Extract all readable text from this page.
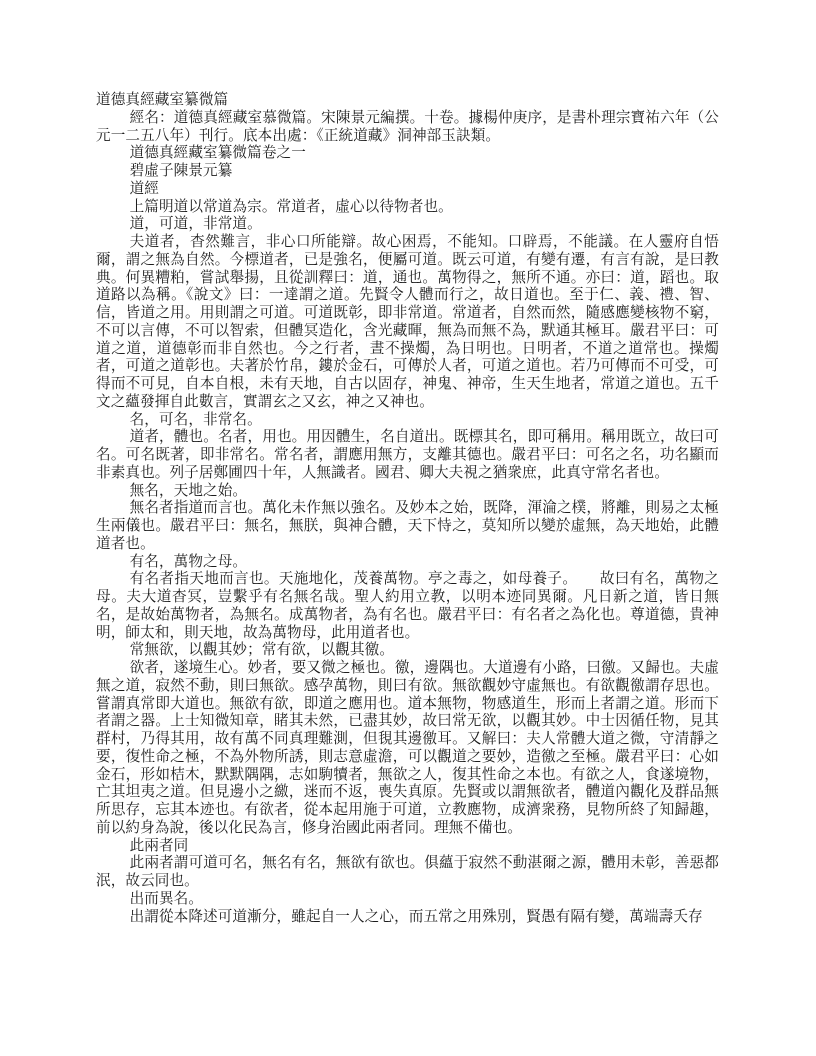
道德真經藏室纂微篇

經名：道德真經藏室慕微篇。宋陳景元編撰。十卷。據楊仲庚序，是書朴理宗寶祐六年（公元一二五八年）刊行。底本出處：《正統道藏》洞神部玉訣類。

道德真經藏室纂微篇卷之一

碧虛子陳景元纂

道經

上篇明道以常道為宗。常道者，虛心以待物者也。

道，可道，非常道。

夫道者，杳然難言，非心口所能辯。故心困焉，不能知。口辟焉，不能議。在人靈府自悟爾，謂之無為自然。今標道者，已是強名，便屬可道。既云可道，有變有遷，有言有說，是曰教典。何異糟粕，嘗試舉揚，且從訓釋曰：道，通也。萬物得之，無所不通。亦曰：道，蹈也。取道路以為稱。《說文》曰：一達謂之道。先賢令人體而行之，故日道也。至于仁、義、禮、智、信，皆道之用。用則謂之可道。可道既彰，即非常道。常道者，自然而然，隨感應變核物不窮，不可以言傳，不可以智索，但體冥造化，含光藏暉，無為而無不為，默通其極耳。嚴君平曰：可道之道，道德彰而非自然也。今之行者，晝不操燭，為日明也。日明者，不道之道常也。操燭者，可道之道彰也。夫著於竹帛，鏤於金石，可傳於人者，可道之道也。若乃可傳而不可受，可得而不可見，自本自根，未有天地，自古以固存，神鬼、神帝，生天生地者，常道之道也。五千文之蘊發揮自此數言，實謂玄之又玄，神之又神也。

名，可名，非常名。

道者，體也。名者，用也。用因體生，名自道出。既標其名，即可稱用。稱用既立，故曰可名。可名既著，即非常名。常名者，謂應用無方，支離其德也。嚴君平曰：可名之名，功名顯而非素真也。列子居鄭圃四十年，人無識者。國君、卿大夫視之猶衆庶，此真守常名者也。

無名，天地之始。

無名者指道而言也。萬化未作無以強名。及妙本之始，既降，渾淪之樸，將離，則易之太極生兩儀也。嚴君平曰：無名，無朕，與神合體，天下恃之，莫知所以變於虛無，為天地始，此體道者也。

有名，萬物之母。

有名者指天地而言也。天施地化，茂養萬物。亭之毒之，如母養子。　　故曰有名，萬物之母。夫大道杳冥，豈繫乎有名無名哉。聖人約用立教，以明本迹同異爾。凡日新之道，皆日無名，是故始萬物者，為無名。成萬物者，為有名也。嚴君平曰：有名者之為化也。尊道德，貴神明，師太和，則天地，故為萬物母，此用道者也。

常無欲，以觀其妙；常有欲，以觀其徼。

欲者，遂境生心。妙者，要又微之極也。徼，邊隅也。大道邊有小路，曰徼。又歸也。夫虛無之道，寂然不動，則曰無欲。感孕萬物，則曰有欲。無欲觀妙守虛無也。有欲觀徼謂存思也。嘗謂真常即大道也。無欲有欲，即道之應用也。道本無物，物感道生，形而上者謂之道。形而下者謂之器。上士知微知章，睹其未然，已盡其妙，故曰常无欲，以觀其妙。中士因循任物，見其群村，乃得其用，故有萬不同真理難測，但覒其邊徼耳。又解曰：夫人常體大道之微，守清靜之要，復性命之極，不為外物所誘，則志意虛澹，可以觀道之要妙，造徼之至極。嚴君平曰：心如金石，形如桔木，默默隅隅，志如駒犢者，無欲之人，復其性命之本也。有欲之人，食遂境物，亡其坦夷之道。但見邊小之繳，迷而不返，喪失真原。先賢或以謂無欲者，體道內觀化及群品無所思存，忘其本迹也。有欲者，從本起用施于可道，立教應物，成濟衆務，見物所終了知歸趣，前以約身為說，後以化民為言，修身治國此兩者同。理無不備也。

此兩者同

此兩者謂可道可名，無名有名，無欲有欲也。俱蘊于寂然不動湛爾之源，體用未彰，善惡都泯，故云同也。

出而異名。

出謂從本降述可道漸分，雖起自一人之心，而五常之用殊別，賢愚有隔有變，萬端壽夭存
